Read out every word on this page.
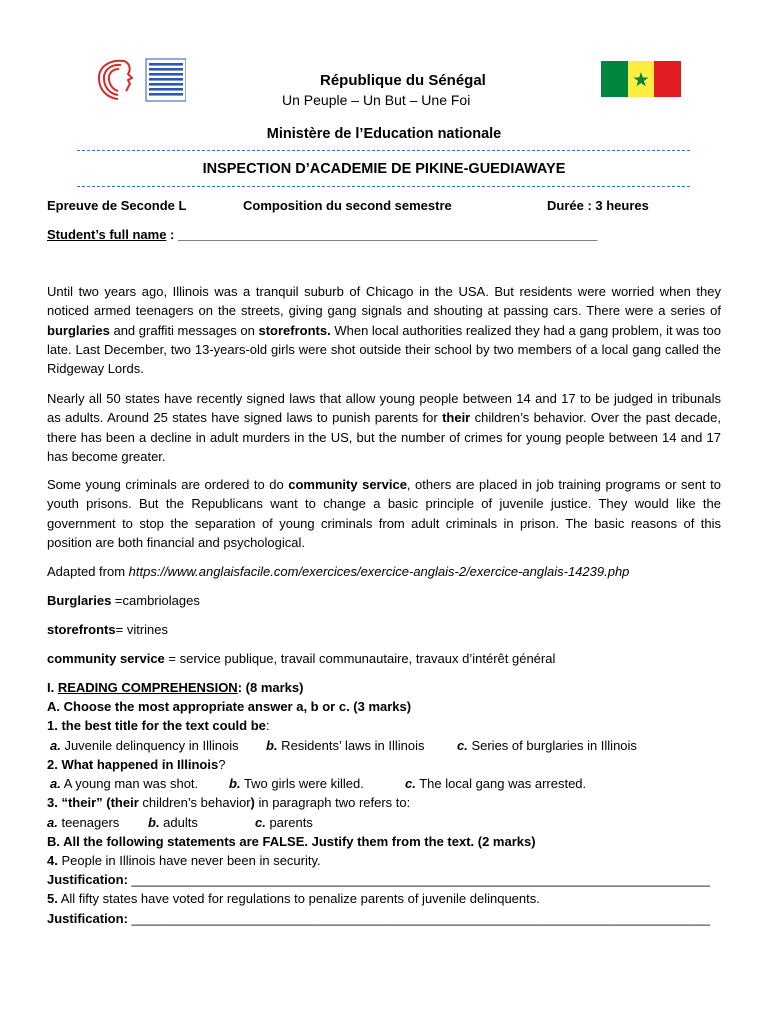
République du Sénégal
Un Peuple – Un But – Une Foi
Ministère de l’Education nationale
INSPECTION D’ACADEMIE DE PIKINE-GUEDIAWAYE
Epreuve de Seconde L	Composition du second semestre	Durée : 3 heures
Student’s full name : __________________________________________________________
Until two years ago, Illinois was a tranquil suburb of Chicago in the USA. But residents were worried when they noticed armed teenagers on the streets, giving gang signals and shouting at passing cars. There were a series of burglaries and graffiti messages on storefronts. When local authorities realized they had a gang problem, it was too late. Last December, two 13-years-old girls were shot outside their school by two members of a local gang called the Ridgeway Lords.
Nearly all 50 states have recently signed laws that allow young people between 14 and 17 to be judged in tribunals as adults. Around 25 states have signed laws to punish parents for their children’s behavior. Over the past decade, there has been a decline in adult murders in the US, but the number of crimes for young people between 14 and 17 has become greater.
Some young criminals are ordered to do community service, others are placed in job training programs or sent to youth prisons. But the Republicans want to change a basic principle of juvenile justice. They would like the government to stop the separation of young criminals from adult criminals in prison. The basic reasons of this position are both financial and psychological.
Adapted from https://www.anglaisfacile.com/exercices/exercice-anglais-2/exercice-anglais-14239.php
Burglaries =cambriolages
storefronts= vitrines
community service = service publique, travail communautaire, travaux d’intérêt général
I. READING COMPREHENSION: (8 marks)
A. Choose the most appropriate answer a, b or c. (3 marks)
1. the best title for the text could be:
a. Juvenile delinquency in Illinois b. Residents’ laws in Illinois	c. Series of burglaries in Illinois
2. What happened in Illinois?
a. A young man was shot. b. Two girls were killed.	c. The local gang was arrested.
3. “their” (their children’s behavior) in paragraph two refers to:
a. teenagers b. adults	c. parents
B. All the following statements are FALSE. Justify them from the text. (2 marks)
4. People in Illinois have never been in security.
Justification: ________________________________________________________________________________
5. All fifty states have voted for regulations to penalize parents of juvenile delinquents.
Justification: ________________________________________________________________________________
